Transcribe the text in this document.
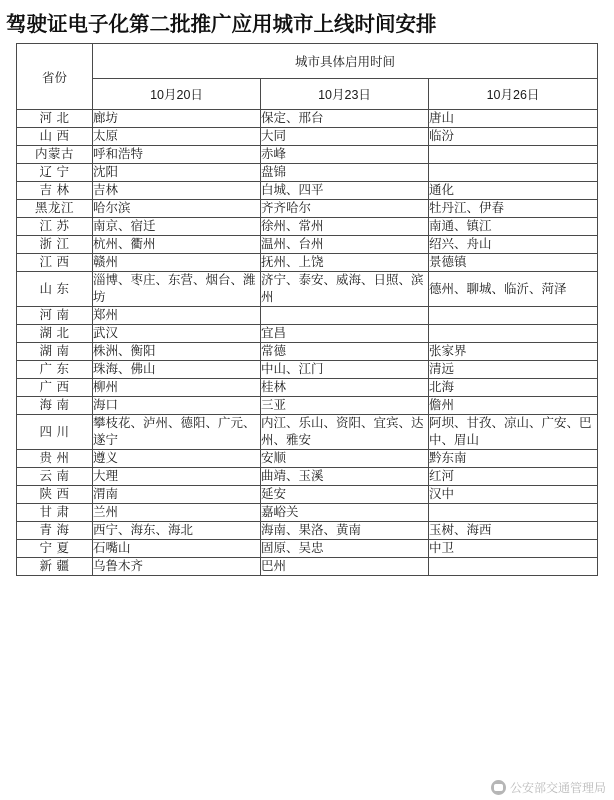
驾驶证电子化第二批推广应用城市上线时间安排
省份	城市具体启用时间		
	10月20日	10月23日	10月26日
河 北	廊坊	保定、邢台	唐山
山 西	太原	大同	临汾
内蒙古	呼和浩特	赤峰	
辽 宁	沈阳	盘锦	
吉 林	吉林	白城、四平	通化
黑龙江	哈尔滨	齐齐哈尔	牡丹江、伊春
江 苏	南京、宿迁	徐州、常州	南通、镇江
浙 江	杭州、衢州	温州、台州	绍兴、舟山
江 西	赣州	抚州、上饶	景德镇
山 东	淄博、枣庄、东营、烟台、潍坊	济宁、泰安、威海、日照、滨州	德州、聊城、临沂、菏泽
河 南	郑州		
湖 北	武汉	宜昌	
湖 南	株洲、衡阳	常德	张家界
广 东	珠海、佛山	中山、江门	清远
广 西	柳州	桂林	北海
海 南	海口	三亚	儋州
四 川	攀枝花、泸州、德阳、广元、遂宁	内江、乐山、资阳、宜宾、达州、雅安	阿坝、甘孜、凉山、广安、巴中、眉山
贵 州	遵义	安顺	黔东南
云 南	大理	曲靖、玉溪	红河
陕 西	渭南	延安	汉中
甘 肃	兰州	嘉峪关	
青 海	西宁、海东、海北	海南、果洛、黄南	玉树、海西
宁 夏	石嘴山	固原、吴忠	中卫
新 疆	乌鲁木齐	巴州	
公安部交通管理局
